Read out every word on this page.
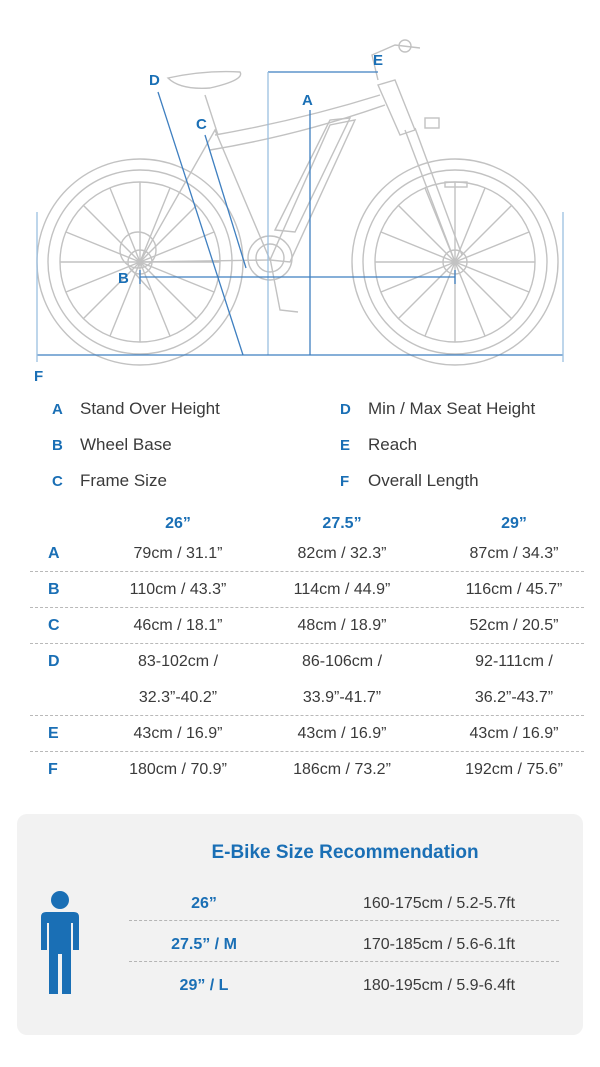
A
B
C
D
E
F
A	Stand Over Height
B	Wheel Base
C	Frame Size
D	Min / Max Seat Height
E	Reach
F	Overall Length
26”	27.5”	29”
A	79cm / 31.1”	82cm / 32.3”	87cm / 34.3”
B	110cm / 43.3”	114cm / 44.9”	116cm / 45.7”
C	46cm / 18.1”	48cm / 18.9”	52cm / 20.5”
D	83-102cm /	86-106cm /	92-111cm /
32.3”-40.2”	33.9”-41.7”	36.2”-43.7”
E	43cm / 16.9”	43cm / 16.9”	43cm / 16.9”
F	180cm / 70.9”	186cm / 73.2”	192cm / 75.6”
E-Bike Size Recommendation
26”	160-175cm / 5.2-5.7ft
27.5” / M	170-185cm / 5.6-6.1ft
29” / L	180-195cm / 5.9-6.4ft
